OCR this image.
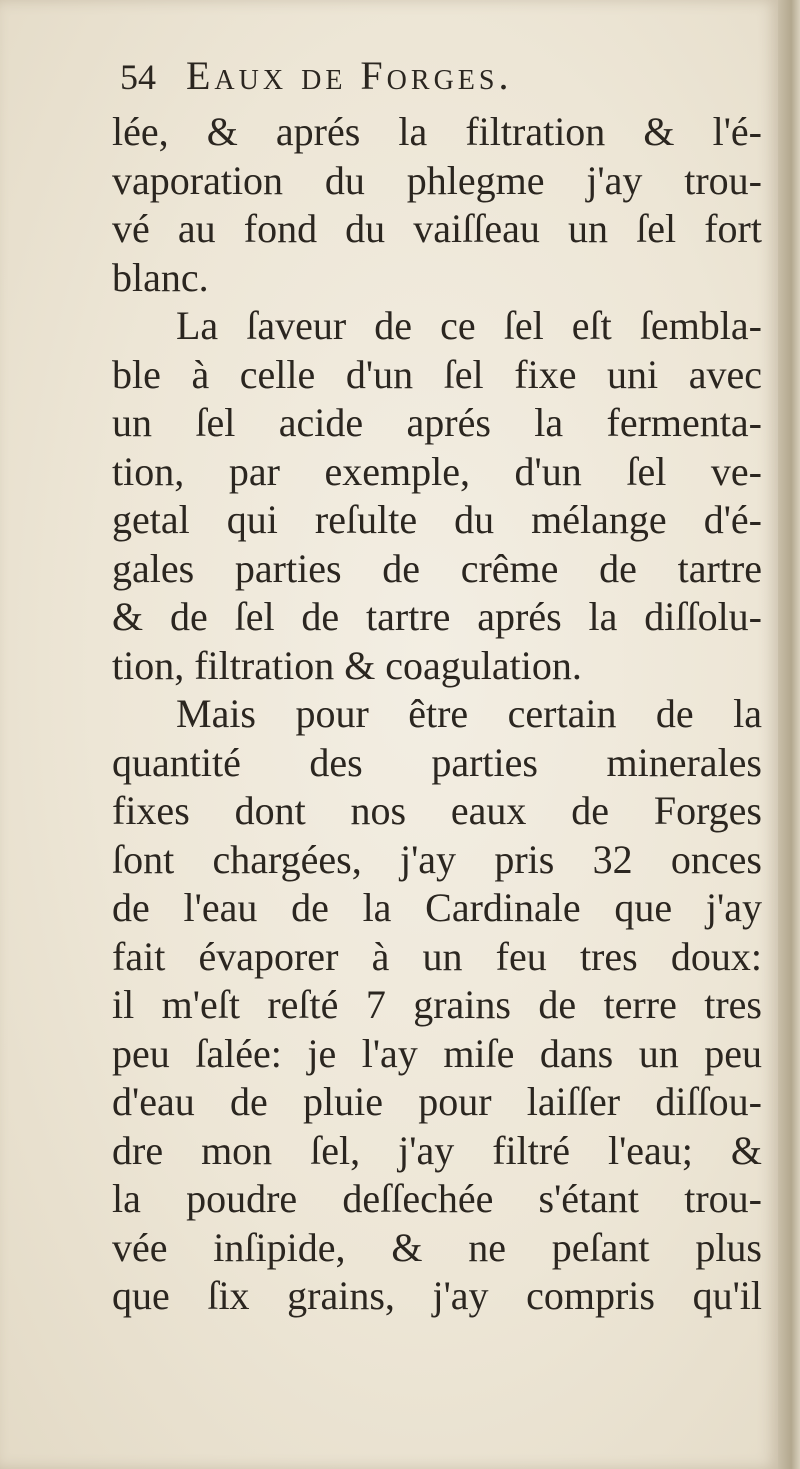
54 Eaux de Forges.
lée, & aprés la filtration & l'é-
vaporation du phlegme j'ay trou-
vé au fond du vaiſſeau un ſel fort
blanc.
La ſaveur de ce ſel eſt ſembla-
ble à celle d'un ſel fixe uni avec
un ſel acide aprés la fermenta-
tion, par exemple, d'un ſel ve-
getal qui reſulte du mélange d'é-
gales parties de crême de tartre
& de ſel de tartre aprés la diſſolu-
tion, filtration & coagulation.
Mais pour être certain de la
quantité des parties minerales
fixes dont nos eaux de Forges
ſont chargées, j'ay pris 32 onces
de l'eau de la Cardinale que j'ay
fait évaporer à un feu tres doux:
il m'eſt reſté 7 grains de terre tres
peu ſalée: je l'ay miſe dans un peu
d'eau de pluie pour laiſſer diſſou-
dre mon ſel, j'ay filtré l'eau; &
la poudre deſſechée s'étant trou-
vée inſipide, & ne peſant plus
que ſix grains, j'ay compris qu'il
